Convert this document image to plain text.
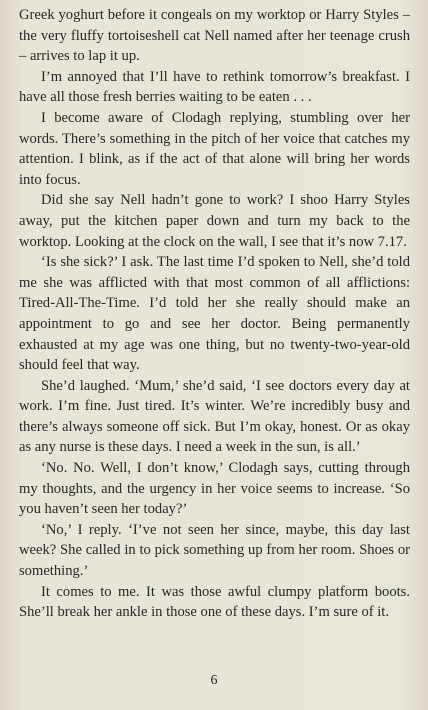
Greek yoghurt before it congeals on my worktop or Harry Styles – the very fluffy tortoiseshell cat Nell named after her teenage crush – arrives to lap it up.

I’m annoyed that I’ll have to rethink tomorrow’s breakfast. I have all those fresh berries waiting to be eaten . . .

I become aware of Clodagh replying, stumbling over her words. There’s something in the pitch of her voice that catches my attention. I blink, as if the act of that alone will bring her words into focus.

Did she say Nell hadn’t gone to work? I shoo Harry Styles away, put the kitchen paper down and turn my back to the worktop. Looking at the clock on the wall, I see that it’s now 7.17.

‘Is she sick?’ I ask. The last time I’d spoken to Nell, she’d told me she was afflicted with that most common of all afflictions: Tired-All-The-Time. I’d told her she really should make an appointment to go and see her doctor. Being permanently exhausted at my age was one thing, but no twenty-two-year-old should feel that way.

She’d laughed. ‘Mum,’ she’d said, ‘I see doctors every day at work. I’m fine. Just tired. It’s winter. We’re incredibly busy and there’s always someone off sick. But I’m okay, honest. Or as okay as any nurse is these days. I need a week in the sun, is all.’

‘No. No. Well, I don’t know,’ Clodagh says, cutting through my thoughts, and the urgency in her voice seems to increase. ‘So you haven’t seen her today?’

‘No,’ I reply. ‘I’ve not seen her since, maybe, this day last week? She called in to pick something up from her room. Shoes or something.’

It comes to me. It was those awful clumpy platform boots. She’ll break her ankle in those one of these days. I’m sure of it.

6
